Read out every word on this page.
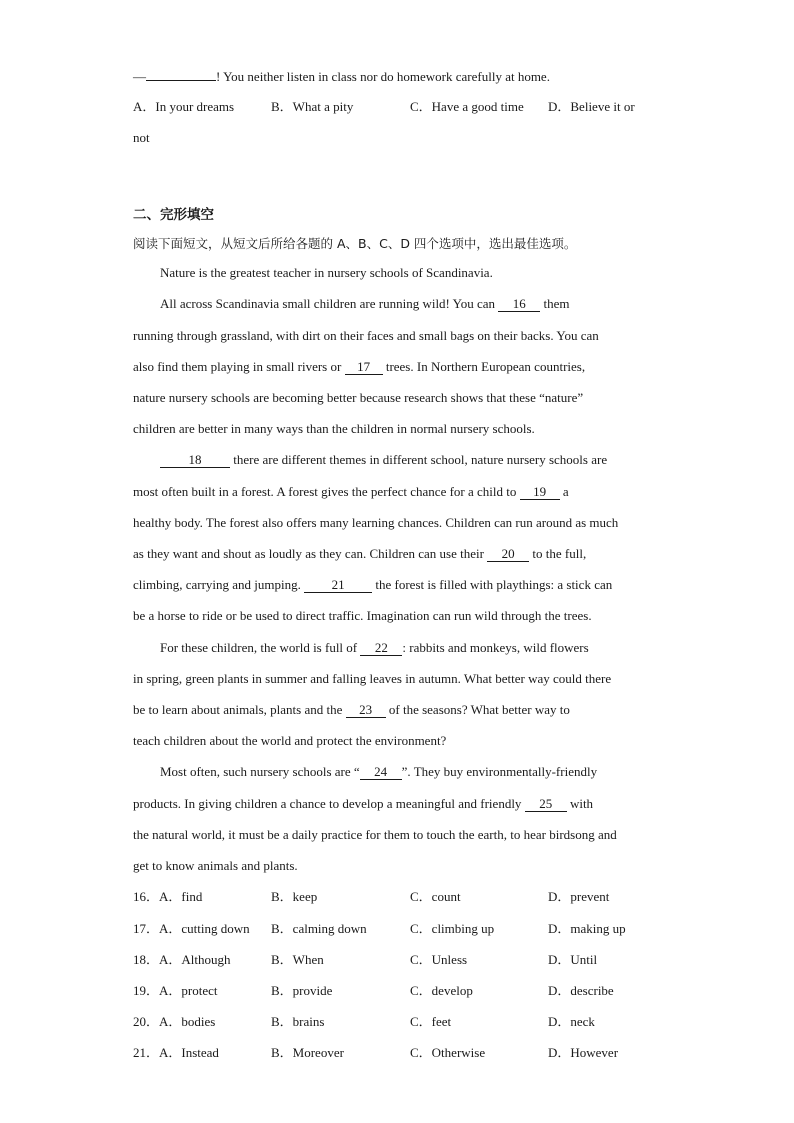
—	! You neither listen in class nor do homework carefully at home.
A．In your dreams	B．What a pity	C．Have a good time D．Believe it or
not
二、完形填空
阅读下面短文，从短文后所给各题的 A、B、C、D 四个选项中，选出最佳选项。
Nature is the greatest teacher in nursery schools of Scandinavia.
All across Scandinavia small children are running wild! You can 16 them
running through grassland, with dirt on their faces and small bags on their backs. You can
also find them playing in small rivers or 17 trees. In Northern European countries,
nature nursery schools are becoming better because research shows that these “nature”
children are better in many ways than the children in normal nursery schools.
18 there are different themes in different school, nature nursery schools are
most often built in a forest. A forest gives the perfect chance for a child to 19 a
healthy body. The forest also offers many learning chances. Children can run around as much
as they want and shout as loudly as they can. Children can use their 20 to the full,
climbing, carrying and jumping. 21 the forest is filled with playthings: a stick can
be a horse to ride or be used to direct traffic. Imagination can run wild through the trees.
For these children, the world is full of 22 : rabbits and monkeys, wild flowers
in spring, green plants in summer and falling leaves in autumn. What better way could there
be to learn about animals, plants and the 23 of the seasons? What better way to
teach children about the world and protect the environment?
Most often, such nursery schools are “ 24 ”. They buy environmentally-friendly
products. In giving children a chance to develop a meaningful and friendly 25 with
the natural world, it must be a daily practice for them to touch the earth, to hear birdsong and
get to know animals and plants.
16．A．find	B．keep	C．count	D．prevent
17．A．cutting down B．calming down	C．climbing up	D．making up
18．A．Although	B．When	C．Unless	D．Until
19．A．protect	B．provide	C．develop	D．describe
20．A．bodies	B．brains	C．feet	D．neck
21．A．Instead	B．Moreover	C．Otherwise	D．However
